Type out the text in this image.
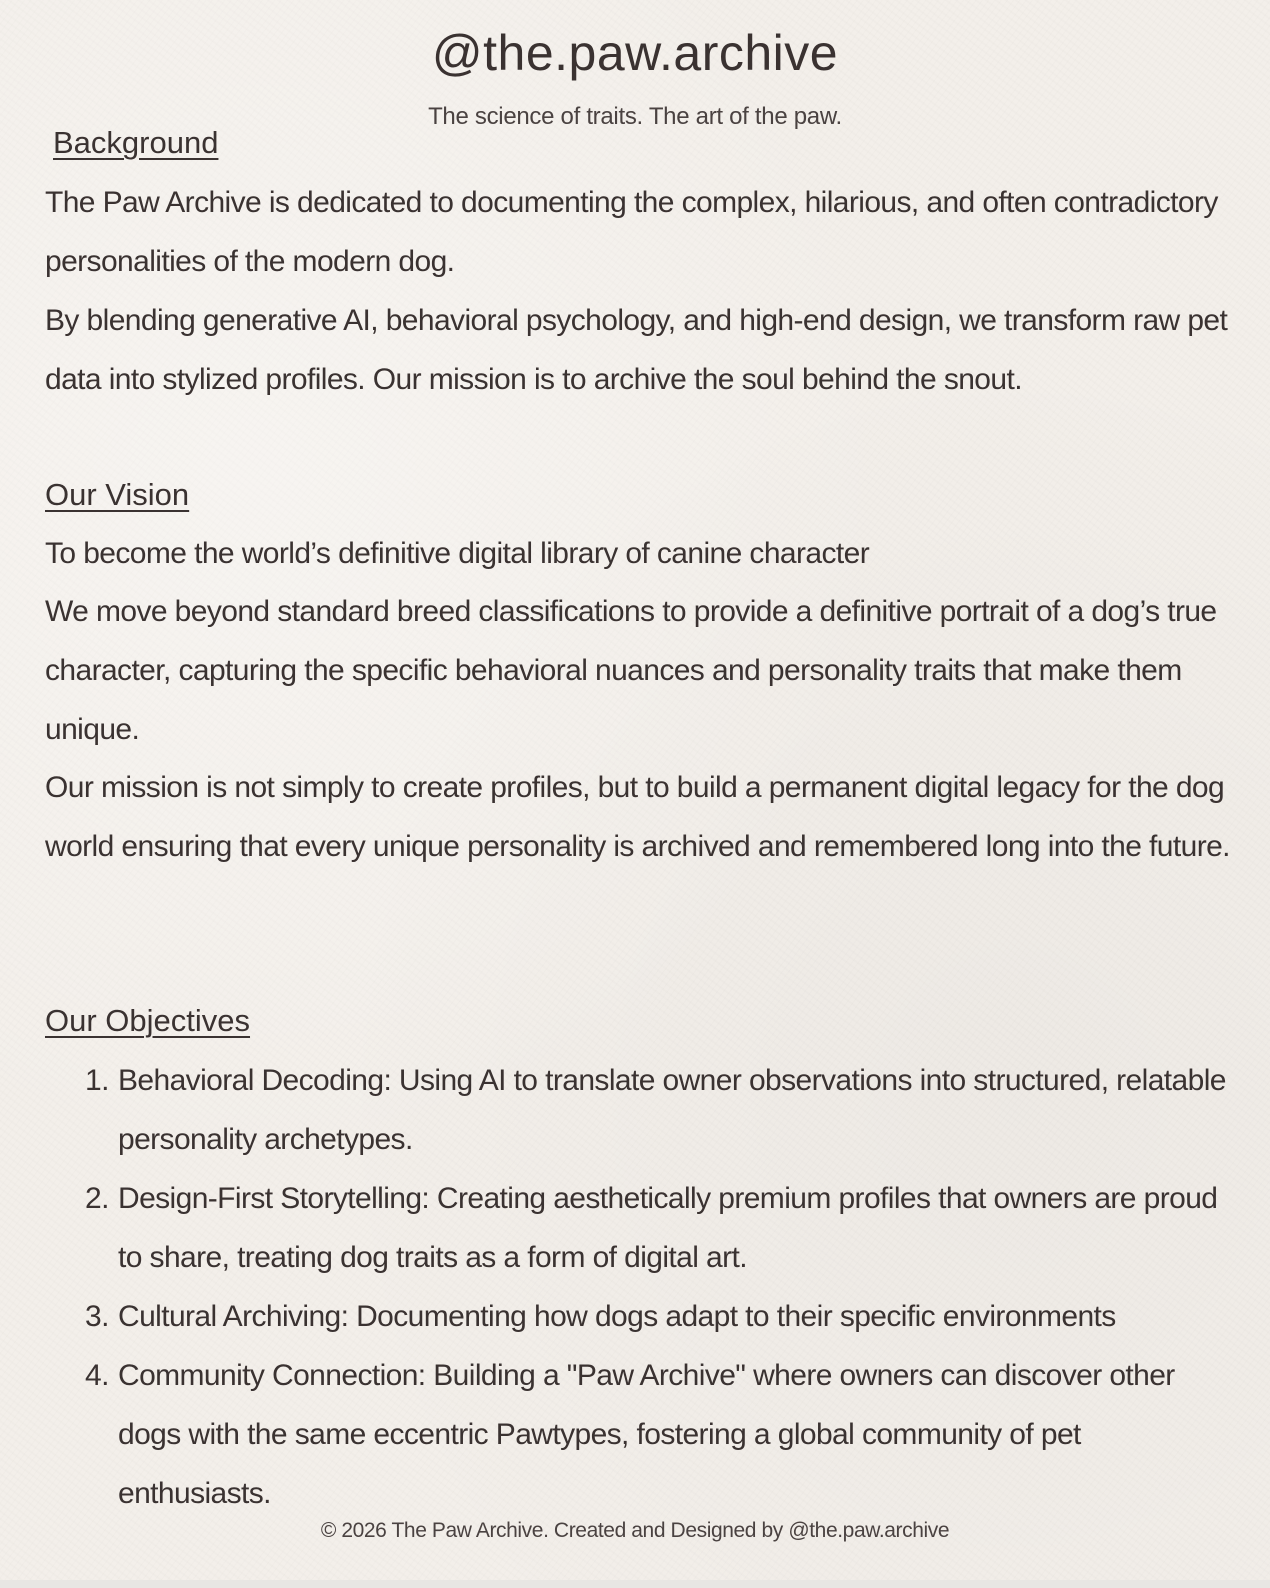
@the.paw.archive
The science of traits. The art of the paw.
Background

The Paw Archive is dedicated to documenting the complex, hilarious, and often contradictory personalities of the modern dog.

By blending generative AI, behavioral psychology, and high-end design, we transform raw pet data into stylized profiles. Our mission is to archive the soul behind the snout.

Our Vision

To become the world’s definitive digital library of canine character

We move beyond standard breed classifications to provide a definitive portrait of a dog’s true character, capturing the specific behavioral nuances and personality traits that make them unique.

Our mission is not simply to create profiles, but to build a permanent digital legacy for the dog world ensuring that every unique personality is archived and remembered long into the future.

Our Objectives
1. Behavioral Decoding: Using AI to translate owner observations into structured, relatable personality archetypes.
2. Design-First Storytelling: Creating aesthetically premium profiles that owners are proud to share, treating dog traits as a form of digital art.
3. Cultural Archiving: Documenting how dogs adapt to their specific environments
4. Community Connection: Building a "Paw Archive" where owners can discover other dogs with the same eccentric Pawtypes, fostering a global community of pet enthusiasts.
© 2026 The Paw Archive. Created and Designed by @the.paw.archive
